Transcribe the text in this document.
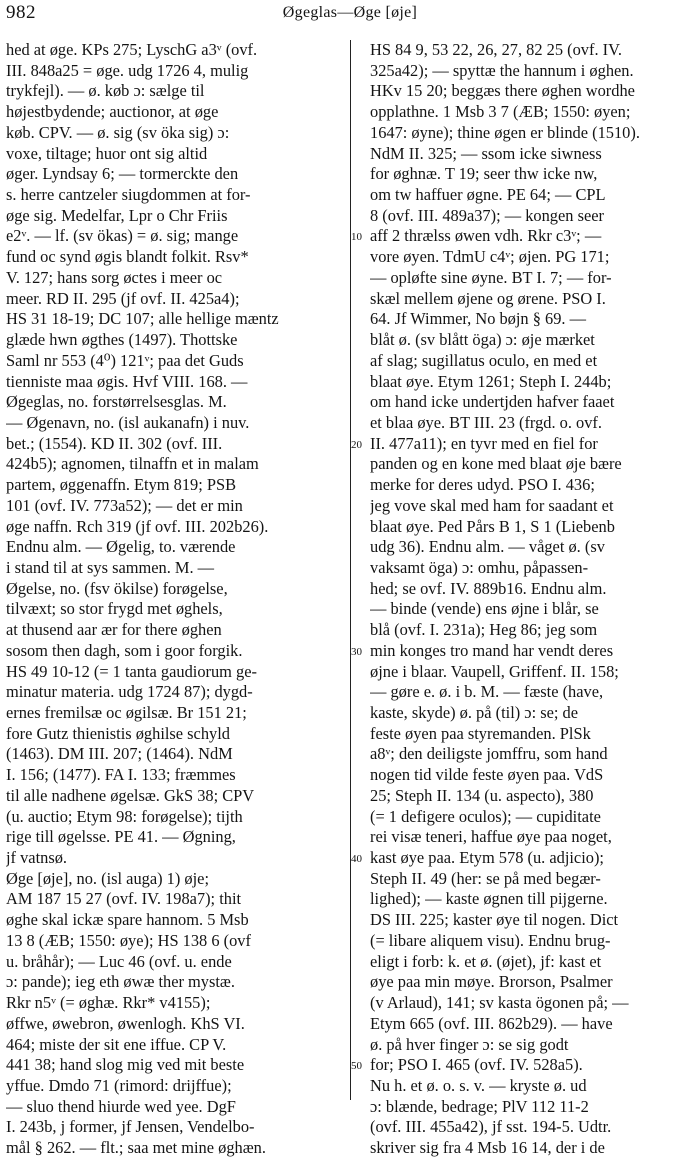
982	Øgeglas—Øge [øje]
hed at øge. KPs 275; LyschG a3ᵛ (ovf.
III. 848a25 = øge. udg 1726 4, mulig
trykfejl). — ø. køb ɔ: sælge til
højestbydende; auctionor, at øge
køb. CPV. — ø. sig (sv öka sig) ɔ:
voxe, tiltage; huor ont sig altid
øger. Lyndsay 6; — tormerckte den
s. herre cantzeler siugdommen at for-
øge sig. Medelfar, Lpr o Chr Friis
e2ᵛ. — lf. (sv ökas) = ø. sig; mange
fund oc synd øgis blandt folkit. Rsv*
V. 127; hans sorg øctes i meer oc
meer. RD II. 295 (jf ovf. II. 425a4);
HS 31 18-19; DC 107; alle hellige mæntz
glæde hwn øgthes (1497). Thottske
Saml nr 553 (4⁰) 121ᵛ; paa det Guds
tienniste maa øgis. Hvf VIII. 168. —
Øgeglas, no. forstørrelsesglas. M.
— Øgenavn, no. (isl aukanafn) i nuv.
bet.; (1554). KD II. 302 (ovf. III.
424b5); agnomen, tilnaffn et in malam
partem, øggenaffn. Etym 819; PSB
101 (ovf. IV. 773a52); — det er min
øge naffn. Rch 319 (jf ovf. III. 202b26).
Endnu alm. — Øgelig, to. værende
i stand til at sys sammen. M. —
Øgelse, no. (fsv ökilse) forøgelse,
tilvæxt; so stor frygd met øghels,
at thusend aar ær for there øghen
sosom then dagh, som i goor forgik.
HS 49 10-12 (= 1 tanta gaudiorum ge-
minatur materia. udg 1724 87); dygd-
ernes fremilsæ oc øgilsæ. Br 151 21;
fore Gutz thienistis øghilse schyld
(1463). DM III. 207; (1464). NdM
I. 156; (1477). FA I. 133; fræmmes
til alle nadhene øgelsæ. GkS 38; CPV
(u. auctio; Etym 98: forøgelse); tijth
rige till øgelsse. PE 41. — Øgning,
jf vatnsø.
Øge [øje], no. (isl auga) 1) øje;
AM 187 15 27 (ovf. IV. 198a7); thit
øghe skal ickæ spare hannom. 5 Msb
13 8 (ÆB; 1550: øye); HS 138 6 (ovf
u. bråhår); — Luc 46 (ovf. u. ende
ɔ: pande); ieg eth øwæ ther mystæ.
Rkr n5ᵛ (= øghæ. Rkr* v4155);
øffwe, øwebron, øwenlogh. KhS VI.
464; miste der sit ene iffue. CP V.
441 38; hand slog mig ved mit beste
yffue. Dmdo 71 (rimord: drijffue);
— sluo thend hiurde wed yee. DgF
I. 243b, j former, jf Jensen, Vendelbo-
mål § 262. — flt.; saa met mine øghæn.
HS 84 9, 53 22, 26, 27, 82 25 (ovf. IV.
325a42); — spyttæ the hannum i øghen.
HKv 15 20; beggæs there øghen wordhe
opplathne. 1 Msb 3 7 (ÆB; 1550: øyen;
1647: øyne); thine øgen er blinde (1510).
NdM II. 325; — ssom icke siwness
for øghnæ. T 19; seer thw icke nw,
om tw haffuer øgne. PE 64; — CPL
8 (ovf. III. 489a37); — kongen seer
aff 2 thrælss øwen vdh. Rkr c3ᵛ; —
vore øyen. TdmU c4ᵛ; øjen. PG 171;
— opløfte sine øyne. BT I. 7; — for-
skæl mellem øjene og ørene. PSO I.
64. Jf Wimmer, No bøjn § 69. —
blåt ø. (sv blått öga) ɔ: øje mærket
af slag; sugillatus oculo, en med et
blaat øye. Etym 1261; Steph I. 244b;
om hand icke undertjden hafver faaet
et blaa øye. BT III. 23 (frgd. o. ovf.
II. 477a11); en tyvr med en fiel for
panden og en kone med blaat øje bære
merke for deres udyd. PSO I. 436;
jeg vove skal med ham for saadant et
blaat øye. Ped Pårs B 1, S 1 (Liebenb
udg 36). Endnu alm. — våget ø. (sv
vaksamt öga) ɔ: omhu, påpassen-
hed; se ovf. IV. 889b16. Endnu alm.
— binde (vende) ens øjne i blår, se
blå (ovf. I. 231a); Heg 86; jeg som
min konges tro mand har vendt deres
øjne i blaar. Vaupell, Griffenf. II. 158;
— gøre e. ø. i b. M. — fæste (have,
kaste, skyde) ø. på (til) ɔ: se; de
feste øyen paa styremanden. PlSk
a8ᵛ; den deiligste jomffru, som hand
nogen tid vilde feste øyen paa. VdS
25; Steph II. 134 (u. aspecto), 380
(= 1 defigere oculos); — cupiditate
rei visæ teneri, haffue øye paa noget,
kast øye paa. Etym 578 (u. adjicio);
Steph II. 49 (her: se på med begær-
lighed); — kaste øgnen till pijgerne.
DS III. 225; kaster øye til nogen. Dict
(= libare aliquem visu). Endnu brug-
eligt i forb: k. et ø. (øjet), jf: kast et
øye paa min møye. Brorson, Psalmer
(v Arlaud), 141; sv kasta ögonen på; —
Etym 665 (ovf. III. 862b29). — have
ø. på hver finger ɔ: se sig godt
for; PSO I. 465 (ovf. IV. 528a5).
Nu h. et ø. o. s. v. — kryste ø. ud
ɔ: blænde, bedrage; PlV 112 11-2
(ovf. III. 455a42), jf sst. 194-5. Udtr.
skriver sig fra 4 Msb 16 14, der i de
10
20
30
40
50
